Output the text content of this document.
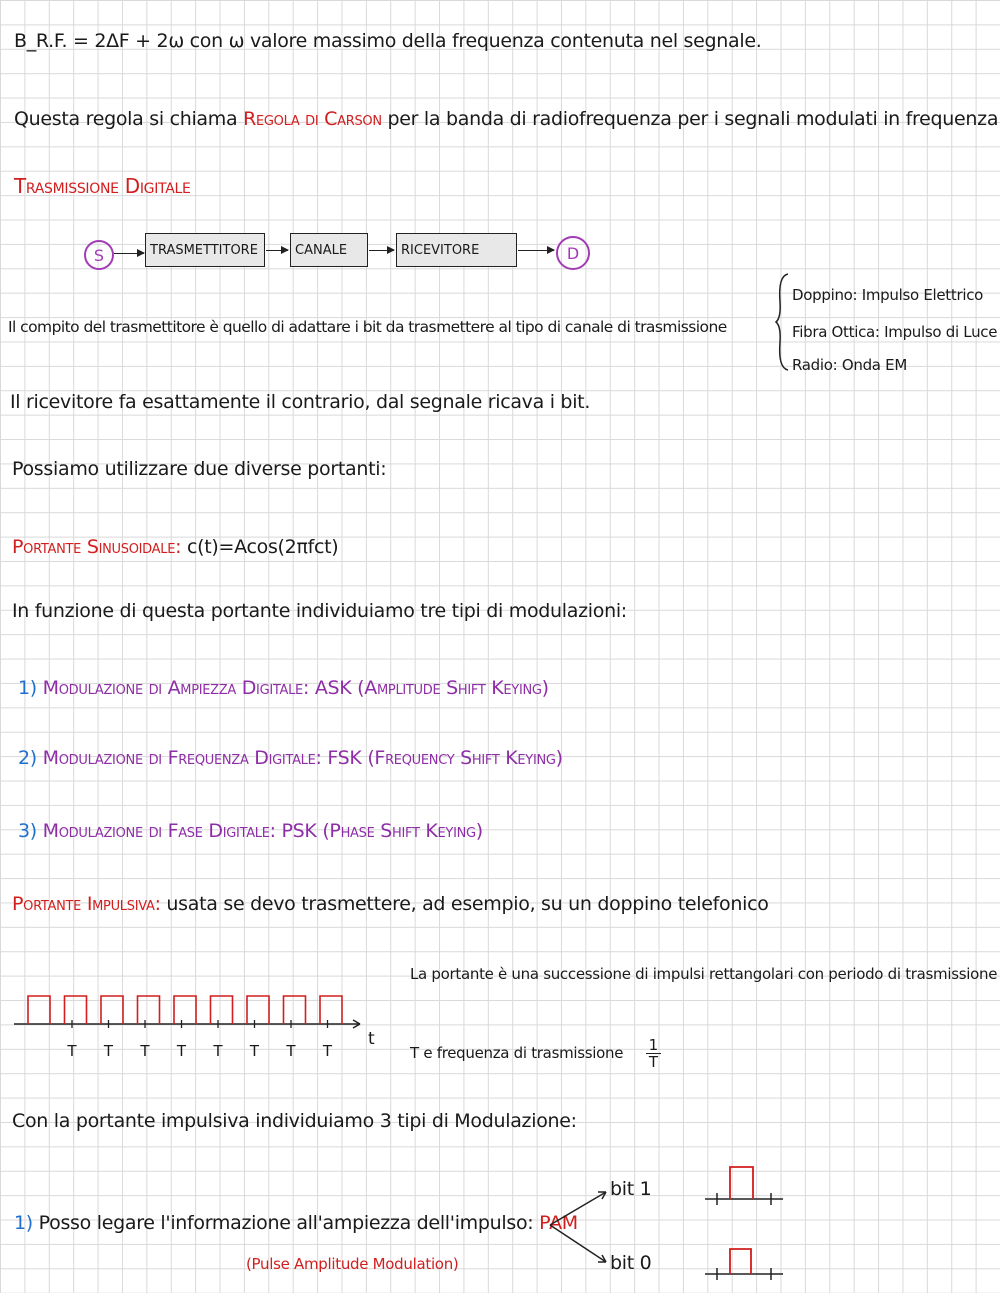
B_R.F. = 2ΔF + 2ω con ω valore massimo della frequenza contenuta nel segnale.
Questa regola si chiama Regola di Carson per la banda di radiofrequenza per i segnali modulati in frequenza
Trasmissione Digitale
S	TRASMETTITORE	CANALE	RICEVITORE	D
Doppino: Impulso Elettrico
Fibra Ottica: Impulso di Luce
Radio: Onda EM
Il compito del trasmettitore è quello di adattare i bit da trasmettere al tipo di canale di trasmissione
Il ricevitore fa esattamente il contrario, dal segnale ricava i bit.
Possiamo utilizzare due diverse portanti:
Portante Sinusoidale: c(t)=Acos(2πfct)
In funzione di questa portante individuiamo tre tipi di modulazioni:
1) Modulazione di Ampiezza Digitale: ASK (Amplitude Shift Keying)
2) Modulazione di Frequenza Digitale: FSK (Frequency Shift Keying)
3) Modulazione di Fase Digitale: PSK (Phase Shift Keying)
Portante Impulsiva: usata se devo trasmettere, ad esempio, su un doppino telefonico
T T T T T T T T
t
La portante è una successione di impulsi rettangolari con periodo di trasmissione
T e frequenza di trasmissione $\frac{1}{T}$
Con la portante impulsiva individuiamo 3 tipi di Modulazione:
1) Posso legare l'informazione all'ampiezza dell'impulso: PAM
(Pulse Amplitude Modulation)
bit 1
bit 0
